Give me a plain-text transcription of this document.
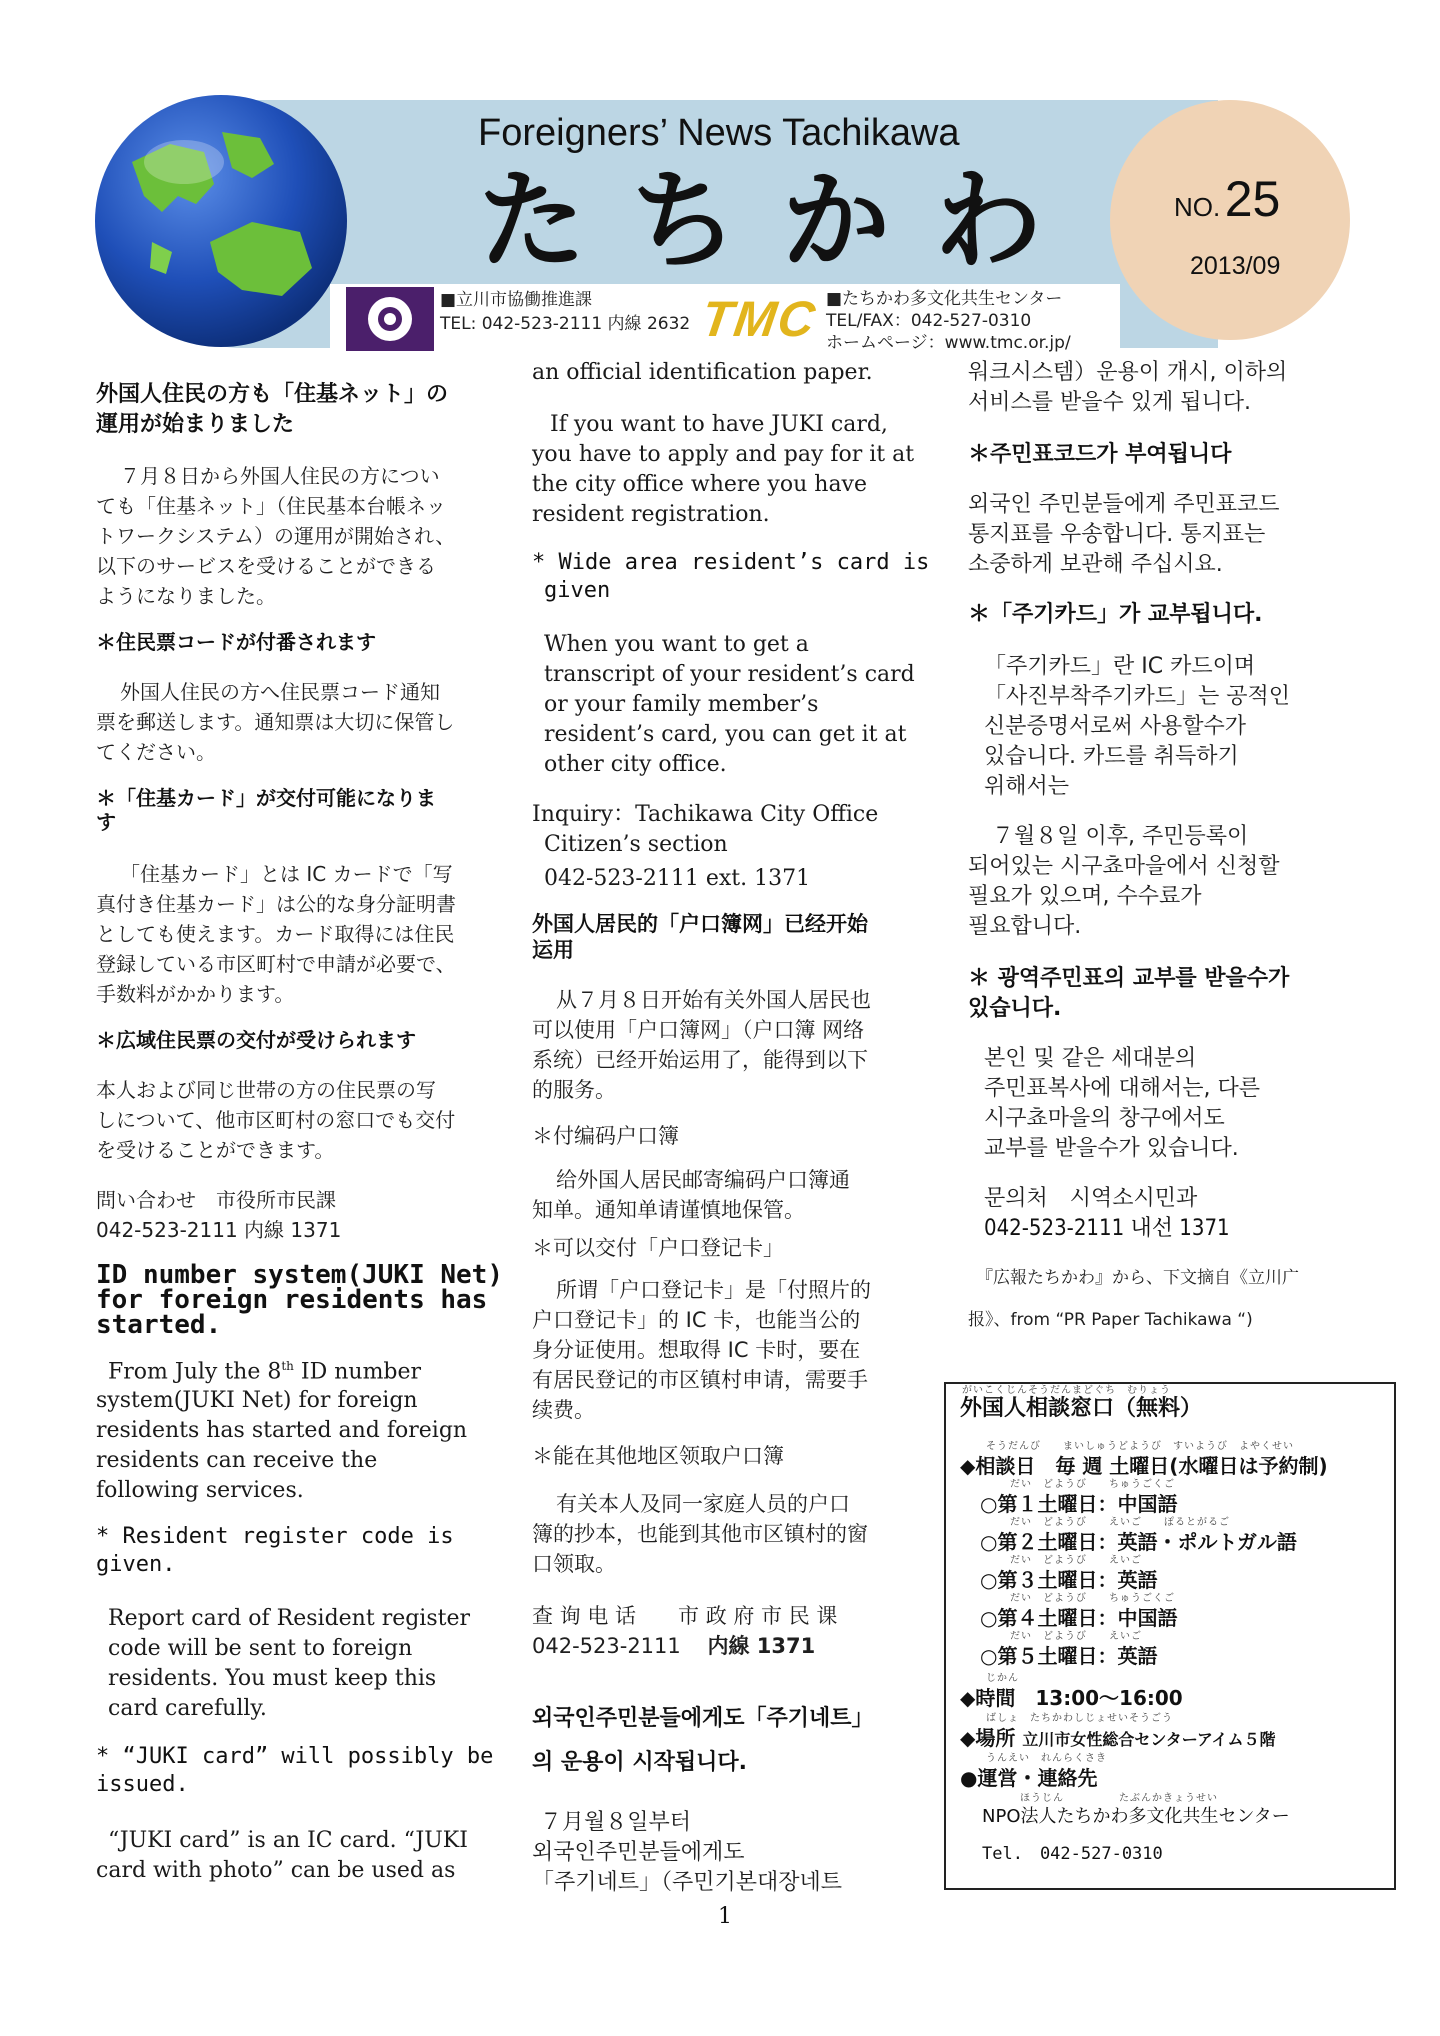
Foreigners’ News Tachikawa
たちかわ	NO. 25
2013/09
■立川市協働推進課
TEL: 042-523-2111 内線 2632 TMC ■たちかわ多文化共生センター
TEL/FAX：042-527-0310
ホームページ：www.tmc.or.jp/
外国人住民の方も「住基ネット」の
運用が始まりました
７月８日から外国人住民の方につい
ても「住基ネット」（住民基本台帳ネッ
トワークシステム）の運用が開始され、
以下のサービスを受けることができる
ようになりました。
＊住民票コードが付番されます
外国人住民の方へ住民票コード通知
票を郵送します。通知票は大切に保管し
てください。
＊「住基カード」が交付可能になりま
す
「住基カード」とは IC カードで「写
真付き住基カード」は公的な身分証明書
としても使えます。カード取得には住民
登録している市区町村で申請が必要で、
手数料がかかります。
＊広域住民票の交付が受けられます
本人および同じ世帯の方の住民票の写
しについて、他市区町村の窓口でも交付
を受けることができます。
問い合わせ　市役所市民課
042-523-2111 内線 1371
ID number system(JUKI Net)
for foreign residents has
started.
From July the 8th ID number
system(JUKI Net) for foreign
residents has started and foreign
residents can receive the
following services.
* Resident register code is
given.
Report card of Resident register
code will be sent to foreign
residents. You must keep this
card carefully.
* “JUKI card” will possibly be
issued.
“JUKI card” is an IC card. “JUKI
card with photo” can be used as
an official identification paper.
If you want to have JUKI card,
you have to apply and pay for it at
the city office where you have
resident registration.
* Wide area resident’s card is
given
When you want to get a
transcript of your resident’s card
or your family member’s
resident’s card, you can get it at
other city office.
Inquiry：Tachikawa City Office
Citizen’s section
042-523-2111 ext. 1371
外国人居民的「户口簿网」已经开始
运用
从７月８日开始有关外国人居民也
可以使用「户口簿网」（户口簿 网络
系统）已经开始运用了，能得到以下
的服务。
＊付编码户口簿
给外国人居民邮寄编码户口簿通
知单。通知单请谨慎地保管。
＊可以交付「户口登记卡」
所谓「户口登记卡」是「付照片的
户口登记卡」的 IC 卡，也能当公的
身分证使用。想取得 IC 卡时，要在
有居民登记的市区镇村申请，需要手
续费。
＊能在其他地区领取户口簿
有关本人及同一家庭人员的户口
簿的抄本，也能到其他市区镇村的窗
口领取。
查 询 电 话　　市 政 府 市 民 课
042-523-2111 内線 1371
외국인주민분들에게도「주기네트」
의 운용이 시작됩니다.
７月월８일부터
외국인주민분들에게도
「주기네트」（주민기본대장네트
워크시스템）운용이 개시, 이하의
서비스를 받을수 있게 됩니다.
＊주민표코드가 부여됩니다
외국인 주민분들에게 주민표코드
통지표를 우송합니다. 통지표는
소중하게 보관해 주십시요.
＊「주기카드」가 교부됩니다.
「주기카드」란 IC 카드이며
「사진부착주기카드」는 공적인
신분증명서로써 사용할수가
있습니다. 카드를 취득하기
위해서는
７월８일 이후, 주민등록이
되어있는 시구쵸마을에서 신청할
필요가 있으며, 수수료가
필요합니다.
＊ 광역주민표의 교부를 받을수가
있습니다.
본인 및 같은 세대분의
주민표복사에 대해서는, 다른
시구쵸마을의 창구에서도
교부를 받을수가 있습니다.
문의처　시역소시민과
042-523-2111 내선 1371
『広報たちかわ』から、下文摘自《立川广
报》、from “PR Paper Tachikawa “)
がいこくじんそうだんまどぐち　むりょう
外国人相談窓口（無料）
そうだんび　　まいしゅうどようび　すいようび　よやくせい
◆相談日　毎 週 土曜日(水曜日は予約制)
だい　どようび　　ちゅうごくご
○第１土曜日：中国語
だい　どようび　　えいご　　ぽるとがるご
○第２土曜日：英語・ポルトガル語
だい　どようび　　えいご
○第３土曜日：英語
だい　どようび　　ちゅうごくご
○第４土曜日：中国語
だい　どようび　　えいご
○第５土曜日：英語
じかん
◆時間　13:00～16:00
ばしょ　たちかわしじょせいそうごう
◆場所 立川市女性総合センターアイム５階
うんえい　れんらくさき
●運営・連絡先
ほうじん　　　　　たぶんかきょうせい
NPO法人たちかわ多文化共生センター
Tel.　042-527-0310
1
